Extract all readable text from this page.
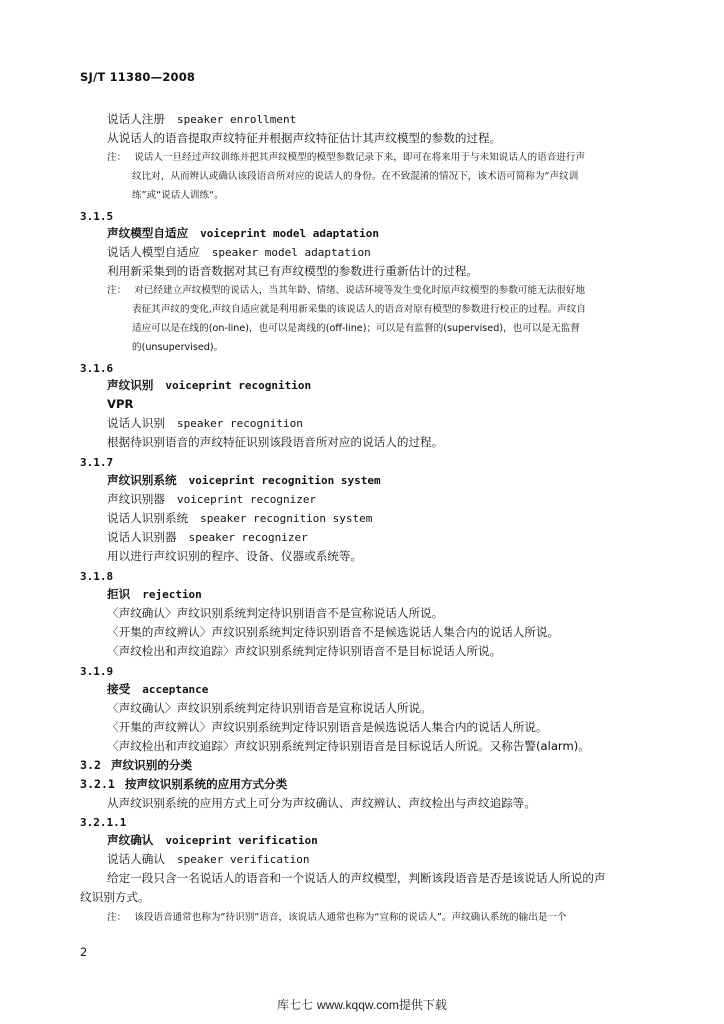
SJ/T 11380—2008
说话人注册 speaker enrollment
从说话人的语音提取声纹特征并根据声纹特征估计其声纹模型的参数的过程。
注： 说话人一旦经过声纹训练并把其声纹模型的模型参数记录下来，即可在将来用于与未知说话人的语音进行声
纹比对，从而辨认或确认该段语音所对应的说话人的身份。在不致混淆的情况下，该术语可简称为“声纹训
练”或“说话人训练“。
3.1.5
声纹模型自适应 voiceprint model adaptation
说话人模型自适应 speaker model adaptation
利用新采集到的语音数据对其已有声纹模型的参数进行重新估计的过程。
注： 对已经建立声纹模型的说话人，当其年龄、情绪、说话环境等发生变化时原声纹模型的参数可能无法很好地
表征其声纹的变化,声纹自适应就是利用新采集的该说话人的语音对原有模型的参数进行校正的过程。声纹自
适应可以是在线的(on-line)，也可以是离线的(off-line)；可以是有监督的(supervised)，也可以是无监督
的(unsupervised)。
3.1.6
声纹识别 voiceprint recognition
VPR
说话人识别 speaker recognition
根据待识别语音的声纹特征识别该段语音所对应的说话人的过程。
3.1.7
声纹识别系统 voiceprint recognition system
声纹识别器 voiceprint recognizer
说话人识别系统 speaker recognition system
说话人识别器 speaker recognizer
用以进行声纹识别的程序、设备、仪器或系统等。
3.1.8
拒识 rejection
〈声纹确认〉声纹识别系统判定待识别语音不是宣称说话人所说。
〈开集的声纹辨认〉声纹识别系统判定待识别语音不是候选说话人集合内的说话人所说。
〈声纹检出和声纹追踪〉声纹识别系统判定待识别语音不是目标说话人所说。
3.1.9
接受 acceptance
〈声纹确认〉声纹识别系统判定待识别语音是宣称说话人所说。
〈开集的声纹辨认〉声纹识别系统判定待识别语音是候选说话人集合内的说话人所说。
〈声纹检出和声纹追踪〉声纹识别系统判定待识别语音是目标说话人所说。又称告警(alarm)。
3.2 声纹识别的分类
3.2.1 按声纹识别系统的应用方式分类
从声纹识别系统的应用方式上可分为声纹确认、声纹辨认、声纹检出与声纹追踪等。
3.2.1.1
声纹确认 voiceprint verification
说话人确认 speaker verification
给定一段只含一名说话人的语音和一个说话人的声纹模型，判断该段语音是否是该说话人所说的声
纹识别方式。
注： 该段语音通常也称为“待识别”语音，该说话人通常也称为“宣称的说话人”。声纹确认系统的输出是一个
2
库七七 www.kqqw.com提供下载
